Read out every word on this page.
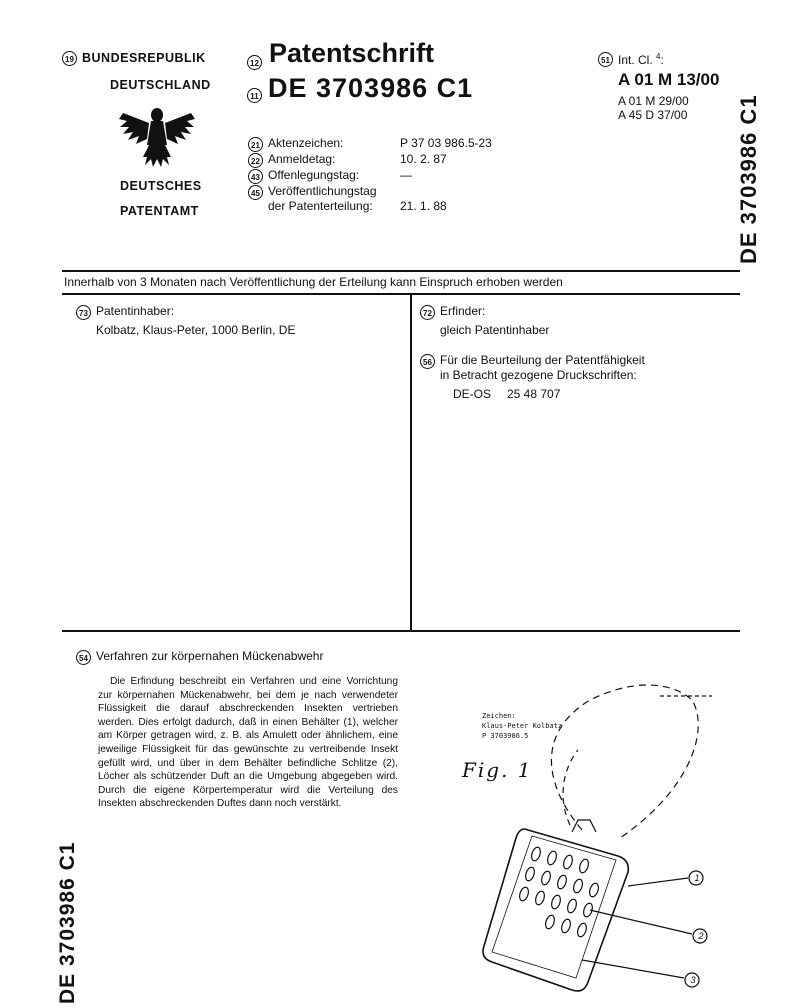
19 BUNDESREPUBLIK
DEUTSCHLAND
DEUTSCHES
PATENTAMT
12 Patentschrift
11 DE 3703986 C1
51 Int. Cl. $^4$:
A 01 M 13/00
A 01 M 29/00
A 45 D 37/00 DE 3703986 C1
21 Aktenzeichen:	P 37 03 986.5-23
22 Anmeldetag:	10. 2. 87
43 Offenlegungstag:	—
45 Veröffentlichungstag
der Patenterteilung: 21. 1. 88
Innerhalb von 3 Monaten nach Veröffentlichung der Erteilung kann Einspruch erhoben werden
73 Patentinhaber:
Kolbatz, Klaus-Peter, 1000 Berlin, DE
72 Erfinder:
gleich Patentinhaber
56 Für die Beurteilung der Patentfähigkeit
in Betracht gezogene Druckschriften:
DE-OS 25 48 707
54 Verfahren zur körpernahen Mückenabwehr

Die Erfindung beschreibt ein Verfahren und eine Vorrichtung zur körpernahen Mückenabwehr, bei dem je nach verwendeter Flüssigkeit die darauf abschreckenden Insekten vertrieben werden. Dies erfolgt dadurch, daß in einen Behälter (1), welcher am Körper getragen wird, z. B. als Amulett oder ähnlichem, eine jeweilige Flüssigkeit für das gewünschte zu vertreibende Insekt gefüllt wird, und über in dem Behälter befindliche Schlitze (2), Löcher als schützender Duft an die Umgebung abgegeben wird. Durch die eigene Körpertemperatur wird die Verteilung des Insekten abschreckenden Duftes dann noch verstärkt.

DE 3703986 C1
Zeichen:
Klaus-Peter Kolbatz
P 3703986.5
Fig. 1
1
2
3
